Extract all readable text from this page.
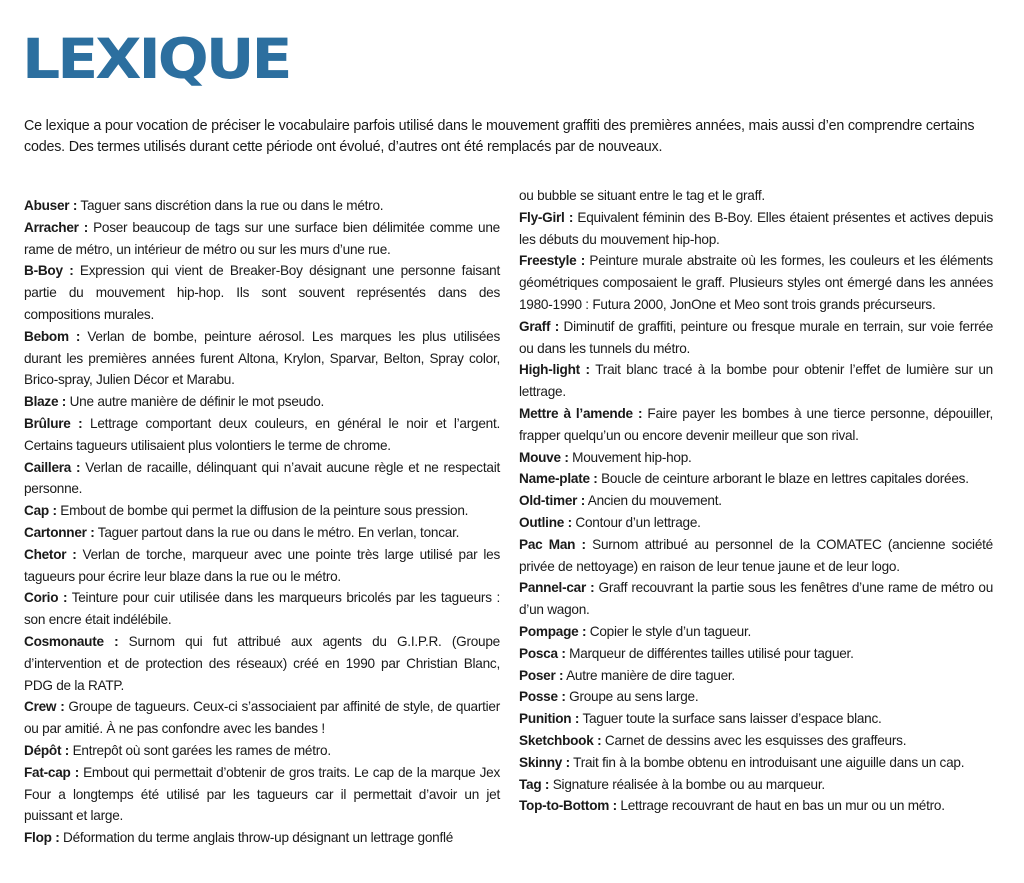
LEXIQUE

Ce lexique a pour vocation de préciser le vocabulaire parfois utilisé dans le mouvement graffiti des premières années, mais aussi d’en comprendre certains codes. Des termes utilisés durant cette période ont évolué, d’autres ont été remplacés par de nouveaux.

Abuser : Taguer sans discrétion dans la rue ou dans le métro.

Arracher : Poser beaucoup de tags sur une surface bien délimitée comme une rame de métro, un intérieur de métro ou sur les murs d’une rue.

B-Boy : Expression qui vient de Breaker-Boy désignant une personne faisant partie du mouvement hip-hop. Ils sont souvent représentés dans des compositions murales.

Bebom : Verlan de bombe, peinture aérosol. Les marques les plus utilisées durant les premières années furent Altona, Krylon, Sparvar, Belton, Spray color, Brico-spray, Julien Décor et Marabu.

Blaze : Une autre manière de définir le mot pseudo.

Brûlure : Lettrage comportant deux couleurs, en général le noir et l’argent. Certains tagueurs utilisaient plus volontiers le terme de chrome.

Caillera : Verlan de racaille, délinquant qui n’avait aucune règle et ne respectait personne.

Cap : Embout de bombe qui permet la diffusion de la peinture sous pression.

Cartonner : Taguer partout dans la rue ou dans le métro. En verlan, toncar.

Chetor : Verlan de torche, marqueur avec une pointe très large utilisé par les tagueurs pour écrire leur blaze dans la rue ou le métro.

Corio : Teinture pour cuir utilisée dans les marqueurs bricolés par les tagueurs : son encre était indélébile.

Cosmonaute : Surnom qui fut attribué aux agents du G.I.P.R. (Groupe d’intervention et de protection des réseaux) créé en 1990 par Christian Blanc, PDG de la RATP.

Crew : Groupe de tagueurs. Ceux-ci s’associaient par affinité de style, de quartier ou par amitié. À ne pas confondre avec les bandes !

Dépôt : Entrepôt où sont garées les rames de métro.

Fat-cap : Embout qui permettait d’obtenir de gros traits. Le cap de la marque Jex Four a longtemps été utilisé par les tagueurs car il permettait d’avoir un jet puissant et large.

Flop : Déformation du terme anglais throw-up désignant un lettrage gonflé

ou bubble se situant entre le tag et le graff.

Fly-Girl : Equivalent féminin des B-Boy. Elles étaient présentes et actives depuis les débuts du mouvement hip-hop.

Freestyle : Peinture murale abstraite où les formes, les couleurs et les éléments géométriques composaient le graff. Plusieurs styles ont émergé dans les années 1980-1990 : Futura 2000, JonOne et Meo sont trois grands précurseurs.

Graff : Diminutif de graffiti, peinture ou fresque murale en terrain, sur voie ferrée ou dans les tunnels du métro.

High-light : Trait blanc tracé à la bombe pour obtenir l’effet de lumière sur un lettrage.

Mettre à l’amende : Faire payer les bombes à une tierce personne, dépouiller, frapper quelqu’un ou encore devenir meilleur que son rival.

Mouve : Mouvement hip-hop.

Name-plate : Boucle de ceinture arborant le blaze en lettres capitales dorées.

Old-timer : Ancien du mouvement.

Outline : Contour d’un lettrage.

Pac Man : Surnom attribué au personnel de la COMATEC (ancienne société privée de nettoyage) en raison de leur tenue jaune et de leur logo.

Pannel-car : Graff recouvrant la partie sous les fenêtres d’une rame de métro ou d’un wagon.

Pompage : Copier le style d’un tagueur.

Posca : Marqueur de différentes tailles utilisé pour taguer.

Poser : Autre manière de dire taguer.

Posse : Groupe au sens large.

Punition : Taguer toute la surface sans laisser d’espace blanc.

Sketchbook : Carnet de dessins avec les esquisses des graffeurs.

Skinny : Trait fin à la bombe obtenu en introduisant une aiguille dans un cap.

Tag : Signature réalisée à la bombe ou au marqueur.

Top-to-Bottom : Lettrage recouvrant de haut en bas un mur ou un métro.
